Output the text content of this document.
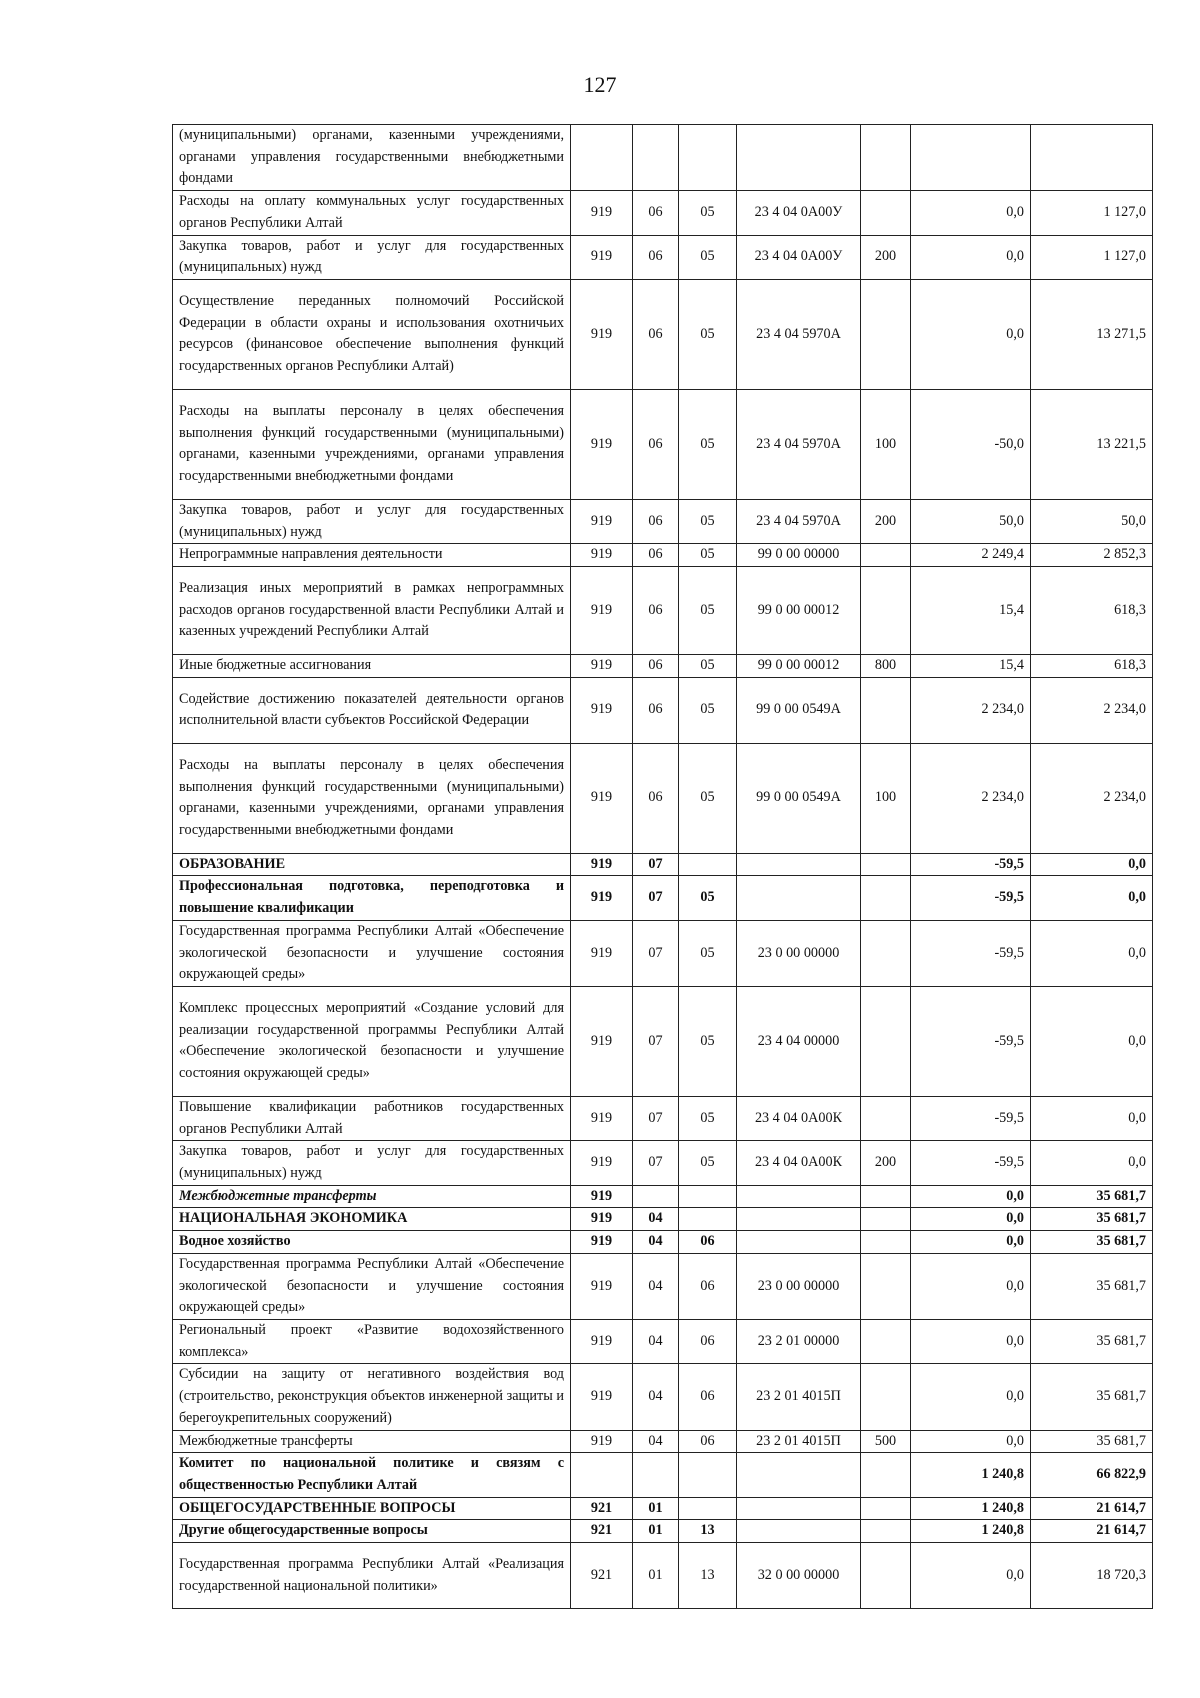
127
(муниципальными) органами, казенными учреждениями, органами управления государственными внебюджетными фондами							
Расходы на оплату коммунальных услуг государственных органов Республики Алтай	919	06	05	23 4 04 0А00У		0,0	1 127,0
Закупка товаров, работ и услуг для государственных (муниципальных) нужд	919	06	05	23 4 04 0А00У	200	0,0	1 127,0
Осуществление переданных полномочий Российской Федерации в области охраны и использования охотничьих ресурсов (финансовое обеспечение выполнения функций государственных органов Республики Алтай)	919	06	05	23 4 04 5970А		0,0	13 271,5
Расходы на выплаты персоналу в целях обеспечения выполнения функций государственными (муниципальными) органами, казенными учреждениями, органами управления государственными внебюджетными фондами	919	06	05	23 4 04 5970А	100	-50,0	13 221,5
Закупка товаров, работ и услуг для государственных (муниципальных) нужд	919	06	05	23 4 04 5970А	200	50,0	50,0
Непрограммные направления деятельности	919	06	05	99 0 00 00000		2 249,4	2 852,3
Реализация иных мероприятий в рамках непрограммных расходов органов государственной власти Республики Алтай и казенных учреждений Республики Алтай	919	06	05	99 0 00 00012		15,4	618,3
Иные бюджетные ассигнования	919	06	05	99 0 00 00012	800	15,4	618,3
Содействие достижению показателей деятельности органов исполнительной власти субъектов Российской Федерации	919	06	05	99 0 00 0549А		2 234,0	2 234,0
Расходы на выплаты персоналу в целях обеспечения выполнения функций государственными (муниципальными) органами, казенными учреждениями, органами управления государственными внебюджетными фондами	919	06	05	99 0 00 0549А	100	2 234,0	2 234,0
ОБРАЗОВАНИЕ	919	07				-59,5	0,0
Профессиональная подготовка, переподготовка и повышение квалификации	919	07	05			-59,5	0,0
Государственная программа Республики Алтай «Обеспечение экологической безопасности и улучшение состояния окружающей среды»	919	07	05	23 0 00 00000		-59,5	0,0
Комплекс процессных мероприятий «Создание условий для реализации государственной программы Республики Алтай «Обеспечение экологической безопасности и улучшение состояния окружающей среды»	919	07	05	23 4 04 00000		-59,5	0,0
Повышение квалификации работников государственных органов Республики Алтай	919	07	05	23 4 04 0А00К		-59,5	0,0
Закупка товаров, работ и услуг для государственных (муниципальных) нужд	919	07	05	23 4 04 0А00К	200	-59,5	0,0
Межбюджетные трансферты	919					0,0	35 681,7
НАЦИОНАЛЬНАЯ ЭКОНОМИКА	919	04				0,0	35 681,7
Водное хозяйство	919	04	06			0,0	35 681,7
Государственная программа Республики Алтай «Обеспечение экологической безопасности и улучшение состояния окружающей среды»	919	04	06	23 0 00 00000		0,0	35 681,7
Региональный проект «Развитие водохозяйственного комплекса»	919	04	06	23 2 01 00000		0,0	35 681,7
Субсидии на защиту от негативного воздействия вод (строительство, реконструкция объектов инженерной защиты и берегоукрепительных сооружений)	919	04	06	23 2 01 4015П		0,0	35 681,7
Межбюджетные трансферты	919	04	06	23 2 01 4015П	500	0,0	35 681,7
Комитет по национальной политике и связям с общественностью Республики Алтай						1 240,8	66 822,9
ОБЩЕГОСУДАРСТВЕННЫЕ ВОПРОСЫ	921	01				1 240,8	21 614,7
Другие общегосударственные вопросы	921	01	13			1 240,8	21 614,7
Государственная программа Республики Алтай «Реализация государственной национальной политики»	921	01	13	32 0 00 00000		0,0	18 720,3
